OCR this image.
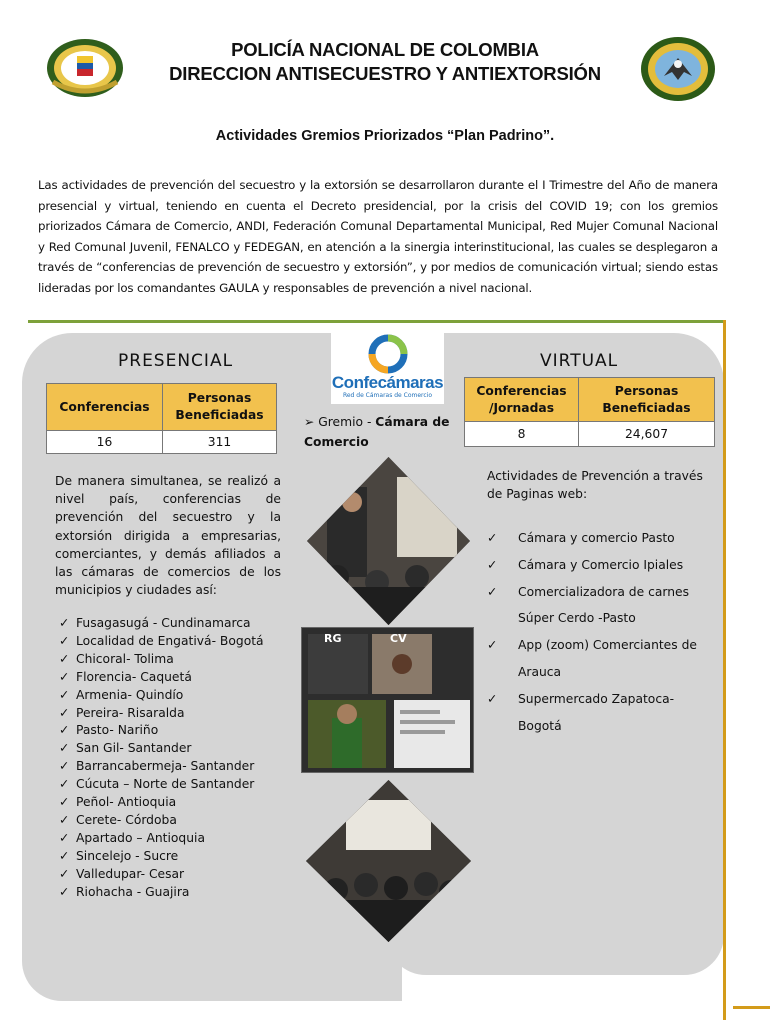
POLICÍA NACIONAL DE COLOMBIA
DIRECCION ANTISECUESTRO Y ANTIEXTORSIÓN
Actividades Gremios Priorizados “Plan Padrino”.

Las actividades de prevención del secuestro y la extorsión se desarrollaron durante el I Trimestre del Año de manera presencial y virtual, teniendo en cuenta el Decreto presidencial, por la crisis del COVID 19; con los gremios priorizados Cámara de Comercio, ANDI, Federación Comunal Departamental Municipal, Red Mujer Comunal Nacional y Red Comunal Juvenil, FENALCO y FEDEGAN, en atención a la sinergia interinstitucional, las cuales se desplegaron a través de “conferencias de prevención de secuestro y extorsión”, y por medios de comunicación virtual; siendo estas lideradas por los comandantes GAULA y responsables de prevención a nivel nacional.

PRESENCIAL
Conferencias	Personas Beneficiadas
16	311

De manera simultanea, se realizó a nivel país, conferencias de prevención del secuestro y la extorsión dirigida a empresarias, comerciantes, y demás afiliados a las cámaras de comercios de los municipios y ciudades así:

✓ Fusagasugá - Cundinamarca
✓ Localidad de Engativá- Bogotá
✓ Chicoral- Tolima
✓ Florencia- Caquetá
✓ Armenia- Quindío
✓ Pereira- Risaralda
✓ Pasto- Nariño
✓ San Gil- Santander
✓ Barrancabermeja- Santander
✓ Cúcuta – Norte de Santander
✓ Peñol- Antioquia
✓ Cerete- Córdoba
✓ Apartado – Antioquia
✓ Sincelejo - Sucre
✓ Valledupar- Cesar
✓ Riohacha - Guajira
Confecámaras
Red de Cámaras de Comercio
➢ Gremio - Cámara de Comercio
RG	CV
VIRTUAL
Conferencias /Jornadas	Personas Beneficiadas
8	24,607

Actividades de Prevención a través de Paginas web:

✓ Cámara y comercio Pasto
✓ Cámara y Comercio Ipiales
✓ Comercializadora de carnes Súper Cerdo -Pasto
✓ App (zoom) Comerciantes de Arauca
✓ Supermercado Zapatoca-Bogotá
